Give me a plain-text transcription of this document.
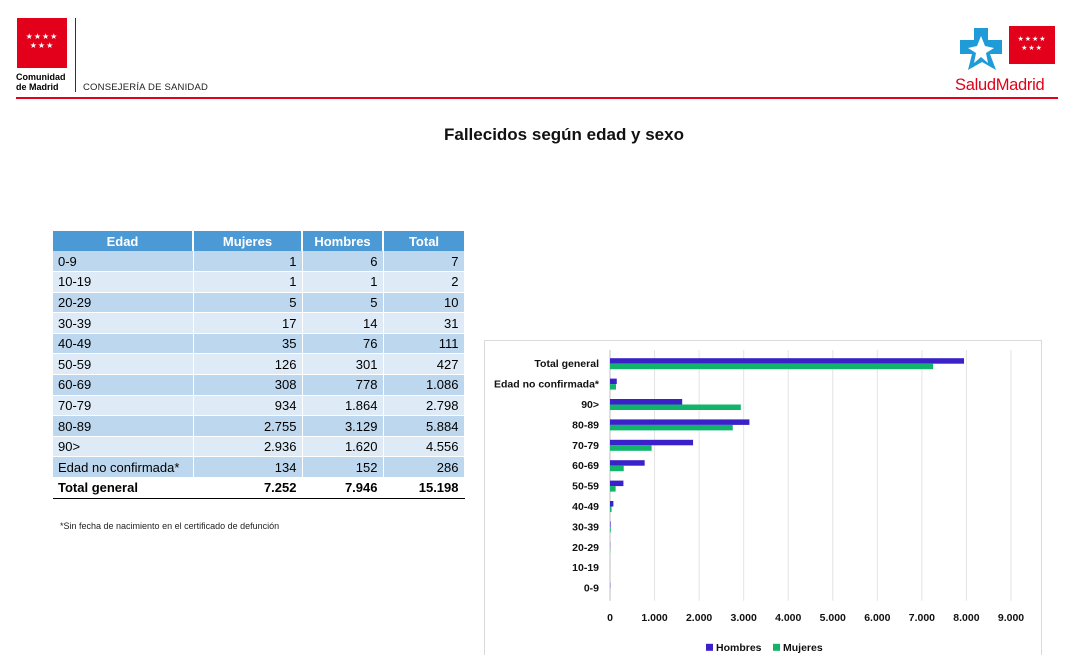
★★★★
★★★
Comunidad
de Madrid	CONSEJERÍA DE SANIDAD
★★★★
★★★
SaludMadrid
Fallecidos según edad y sexo
Edad	Mujeres	Hombres	Total
0-9	1	6	7
10-19	1	1	2
20-29	5	5	10
30-39	17	14	31
40-49	35	76	111
50-59	126	301	427
60-69	308	778	1.086
70-79	934	1.864	2.798
80-89	2.755	3.129	5.884
90>	2.936	1.620	4.556
Edad no confirmada*	134	152	286
Total general	7.252	7.946	15.198
*Sin fecha de nacimiento en el certificado de defunción
0	1.000 2.000 3.000 4.000 5.000 6.000 7.000 8.000 9.000
Total general
Edad no confirmada*
90>
80-89
70-79
60-69
50-59
40-49
30-39
20-29
10-19
0-9
Hombres Mujeres
